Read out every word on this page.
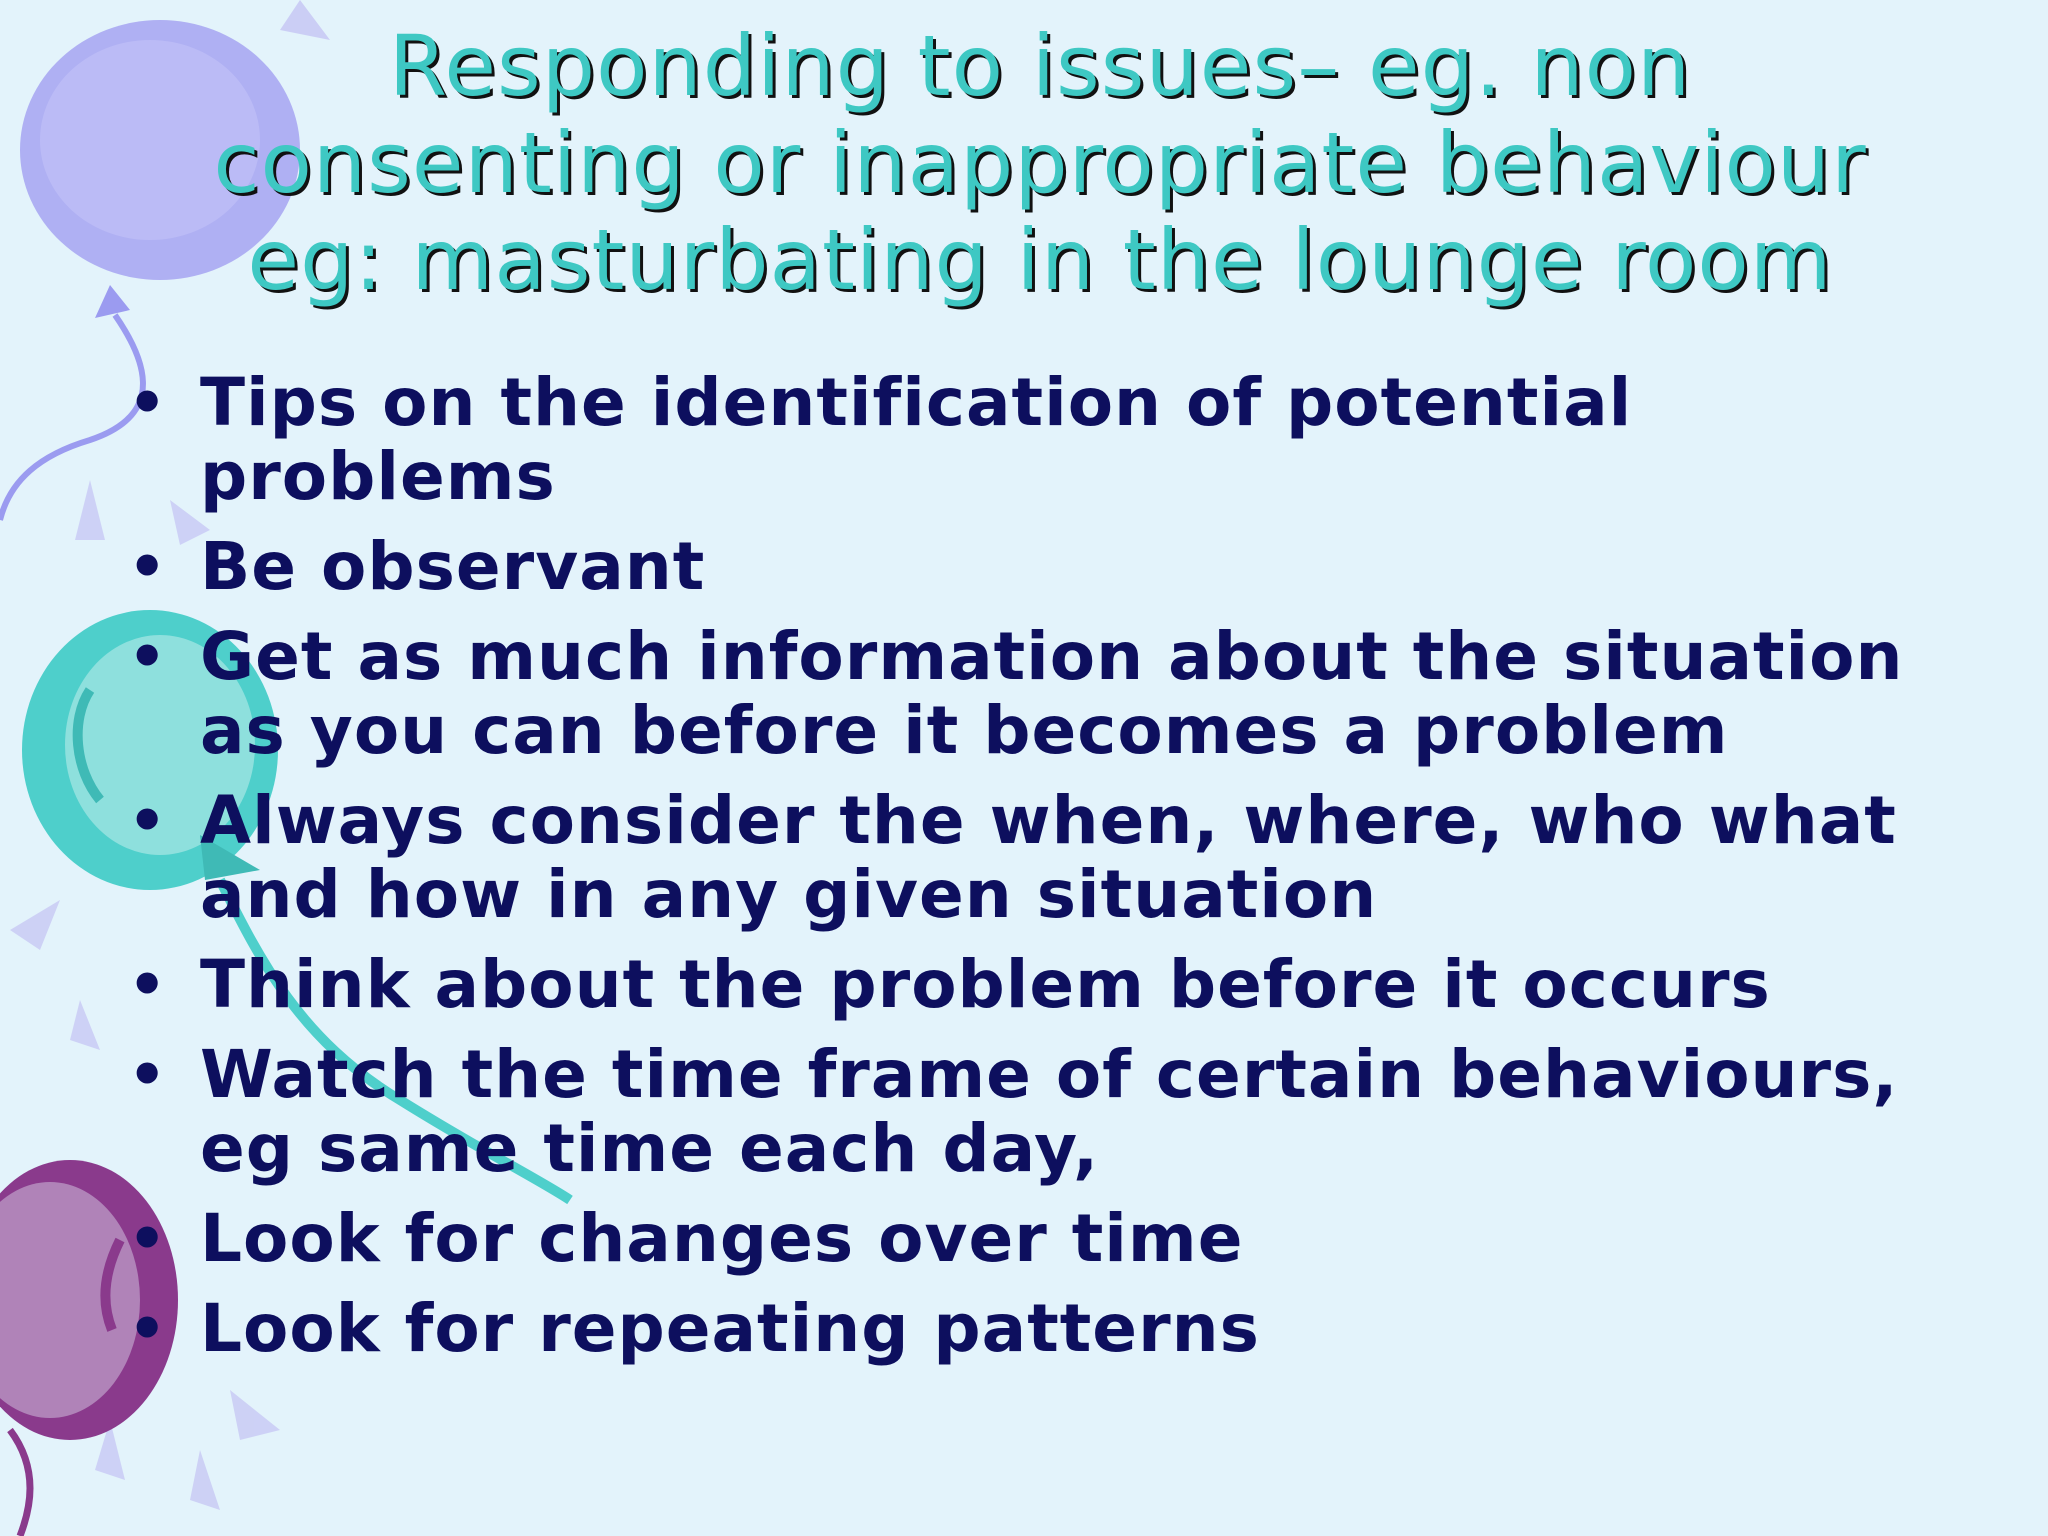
Responding to issues– eg. non
consenting or inappropriate behaviour
eg: masturbating in the lounge room
• Tips on the identification of potential problems
• Be observant
• Get as much information about the situation as you can before it becomes a problem
• Always consider the when, where, who what and how in any given situation
• Think about the problem before it occurs
• Watch the time frame of certain behaviours, eg same time each day,
• Look for changes over time
• Look for repeating patterns
